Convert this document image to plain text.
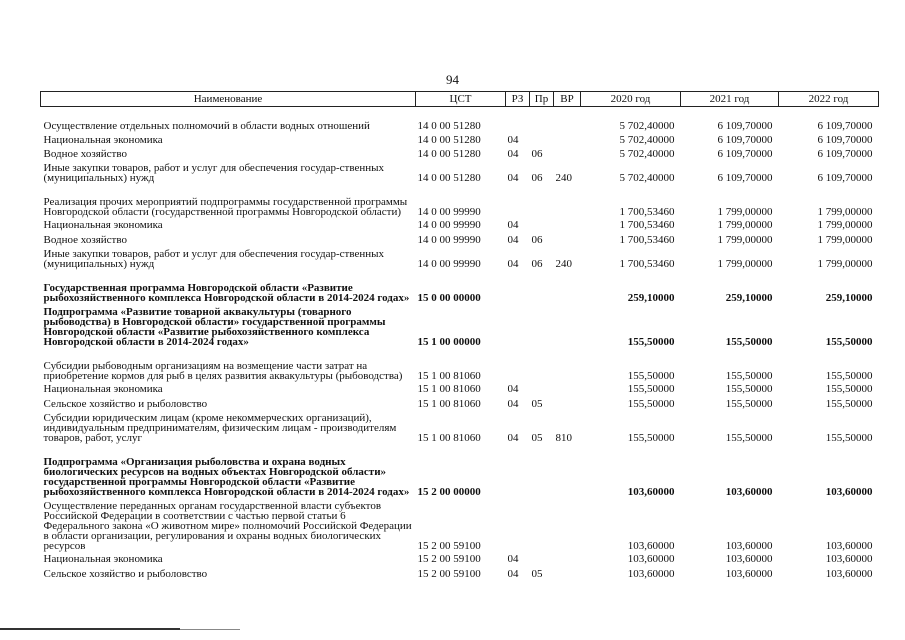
94
Наименование	ЦСТ	РЗ	Пр	ВР	2020 год	2021 год	2022 год
Осуществление отдельных полномочий в области водных отношений	14 0 00 51280				5 702,40000	6 109,70000	6 109,70000
Национальная экономика	14 0 00 51280	04			5 702,40000	6 109,70000	6 109,70000
Водное хозяйство	14 0 00 51280	04	06		5 702,40000	6 109,70000	6 109,70000
Иные закупки товаров, работ и услуг для обеспечения государ-ственных (муниципальных) нужд	14 0 00 51280	04	06	240	5 702,40000	6 109,70000	6 109,70000
Реализация прочих мероприятий подпрограммы государственной программы Новгородской области (государственной программы Новгородской области)	14 0 00 99990				1 700,53460	1 799,00000	1 799,00000
Национальная экономика	14 0 00 99990	04			1 700,53460	1 799,00000	1 799,00000
Водное хозяйство	14 0 00 99990	04	06		1 700,53460	1 799,00000	1 799,00000
Иные закупки товаров, работ и услуг для обеспечения государ-ственных (муниципальных) нужд	14 0 00 99990	04	06	240	1 700,53460	1 799,00000	1 799,00000
Государственная программа Новгородской области «Развитие рыбохозяйственного комплекса Новгородской области в 2014-2024 годах»	15 0 00 00000				259,10000	259,10000	259,10000
Подпрограмма «Развитие товарной аквакультуры (товарного рыбоводства) в Новгородской области» государственной программы Новгородской области «Развитие рыбохозяйственного комплекса Новгородской области в 2014-2024 годах»	15 1 00 00000				155,50000	155,50000	155,50000
Субсидии рыбоводным организациям на возмещение части затрат на приобретение кормов для рыб в целях развития аквакультуры (рыбоводства)	15 1 00 81060				155,50000	155,50000	155,50000
Национальная экономика	15 1 00 81060	04			155,50000	155,50000	155,50000
Сельское хозяйство и рыболовство	15 1 00 81060	04	05		155,50000	155,50000	155,50000
Субсидии юридическим лицам (кроме некоммерческих организаций), индивидуальным предпринимателям, физическим лицам - производителям товаров, работ, услуг	15 1 00 81060	04	05	810	155,50000	155,50000	155,50000
Подпрограмма «Организация рыболовства и охрана водных биологических ресурсов на водных объектах Новгородской области» государственной программы Новгородской области «Развитие рыбохозяйственного комплекса Новгородской области в 2014-2024 годах»	15 2 00 00000				103,60000	103,60000	103,60000
Осуществление переданных органам государственной власти субъектов Российской Федерации в соответствии с частью первой статьи 6 Федерального закона «О животном мире» полномочий Российской Федерации в области организации, регулирования и охраны водных биологических ресурсов	15 2 00 59100				103,60000	103,60000	103,60000
Национальная экономика	15 2 00 59100	04			103,60000	103,60000	103,60000
Сельское хозяйство и рыболовство	15 2 00 59100	04	05		103,60000	103,60000	103,60000
